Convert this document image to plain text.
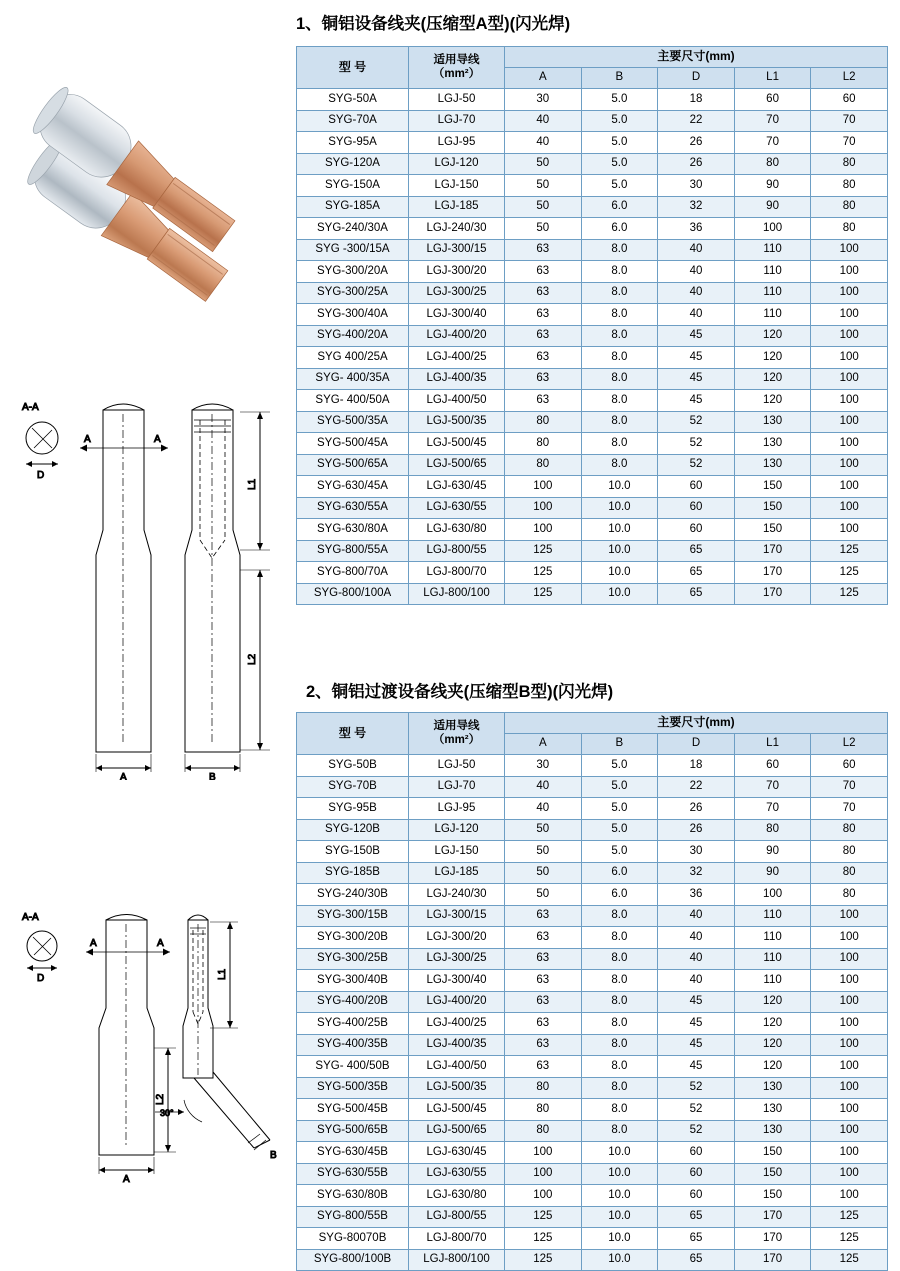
1、铜铝设备线夹(压缩型A型)(闪光焊)
型 号	适用导线
（mm²）	主要尺寸(mm)				
		A	B	D	L1	L2
SYG-50A	LGJ-50	30	5.0	18	60	60
SYG-70A	LGJ-70	40	5.0	22	70	70
SYG-95A	LGJ-95	40	5.0	26	70	70
SYG-120A	LGJ-120	50	5.0	26	80	80
SYG-150A	LGJ-150	50	5.0	30	90	80
SYG-185A	LGJ-185	50	6.0	32	90	80
SYG-240/30A	LGJ-240/30	50	6.0	36	100	80
SYG -300/15A	LGJ-300/15	63	8.0	40	110	100
SYG-300/20A	LGJ-300/20	63	8.0	40	110	100
SYG-300/25A	LGJ-300/25	63	8.0	40	110	100
SYG-300/40A	LGJ-300/40	63	8.0	40	110	100
SYG-400/20A	LGJ-400/20	63	8.0	45	120	100
SYG 400/25A	LGJ-400/25	63	8.0	45	120	100
SYG- 400/35A	LGJ-400/35	63	8.0	45	120	100
SYG- 400/50A	LGJ-400/50	63	8.0	45	120	100
SYG-500/35A	LGJ-500/35	80	8.0	52	130	100
SYG-500/45A	LGJ-500/45	80	8.0	52	130	100
SYG-500/65A	LGJ-500/65	80	8.0	52	130	100
SYG-630/45A	LGJ-630/45	100	10.0	60	150	100
SYG-630/55A	LGJ-630/55	100	10.0	60	150	100
SYG-630/80A	LGJ-630/80	100	10.0	60	150	100
SYG-800/55A	LGJ-800/55	125	10.0	65	170	125
SYG-800/70A	LGJ-800/70	125	10.0	65	170	125
SYG-800/100A	LGJ-800/100	125	10.0	65	170	125
A-A
D
A	A
L1
L2
A	B
2、铜铝过渡设备线夹(压缩型B型)(闪光焊)
型 号	适用导线
（mm²）	主要尺寸(mm)				
		A	B	D	L1	L2
SYG-50B	LGJ-50	30	5.0	18	60	60
SYG-70B	LGJ-70	40	5.0	22	70	70
SYG-95B	LGJ-95	40	5.0	26	70	70
SYG-120B	LGJ-120	50	5.0	26	80	80
SYG-150B	LGJ-150	50	5.0	30	90	80
SYG-185B	LGJ-185	50	6.0	32	90	80
SYG-240/30B	LGJ-240/30	50	6.0	36	100	80
SYG-300/15B	LGJ-300/15	63	8.0	40	110	100
SYG-300/20B	LGJ-300/20	63	8.0	40	110	100
SYG-300/25B	LGJ-300/25	63	8.0	40	110	100
SYG-300/40B	LGJ-300/40	63	8.0	40	110	100
SYG-400/20B	LGJ-400/20	63	8.0	45	120	100
SYG-400/25B	LGJ-400/25	63	8.0	45	120	100
SYG-400/35B	LGJ-400/35	63	8.0	45	120	100
SYG- 400/50B	LGJ-400/50	63	8.0	45	120	100
SYG-500/35B	LGJ-500/35	80	8.0	52	130	100
SYG-500/45B	LGJ-500/45	80	8.0	52	130	100
SYG-500/65B	LGJ-500/65	80	8.0	52	130	100
SYG-630/45B	LGJ-630/45	100	10.0	60	150	100
SYG-630/55B	LGJ-630/55	100	10.0	60	150	100
SYG-630/80B	LGJ-630/80	100	10.0	60	150	100
SYG-800/55B	LGJ-800/55	125	10.0	65	170	125
SYG-80070B	LGJ-800/70	125	10.0	65	170	125
SYG-800/100B	LGJ-800/100	125	10.0	65	170	125
A-A
D
A	A
30°
B
L1
L2
A
